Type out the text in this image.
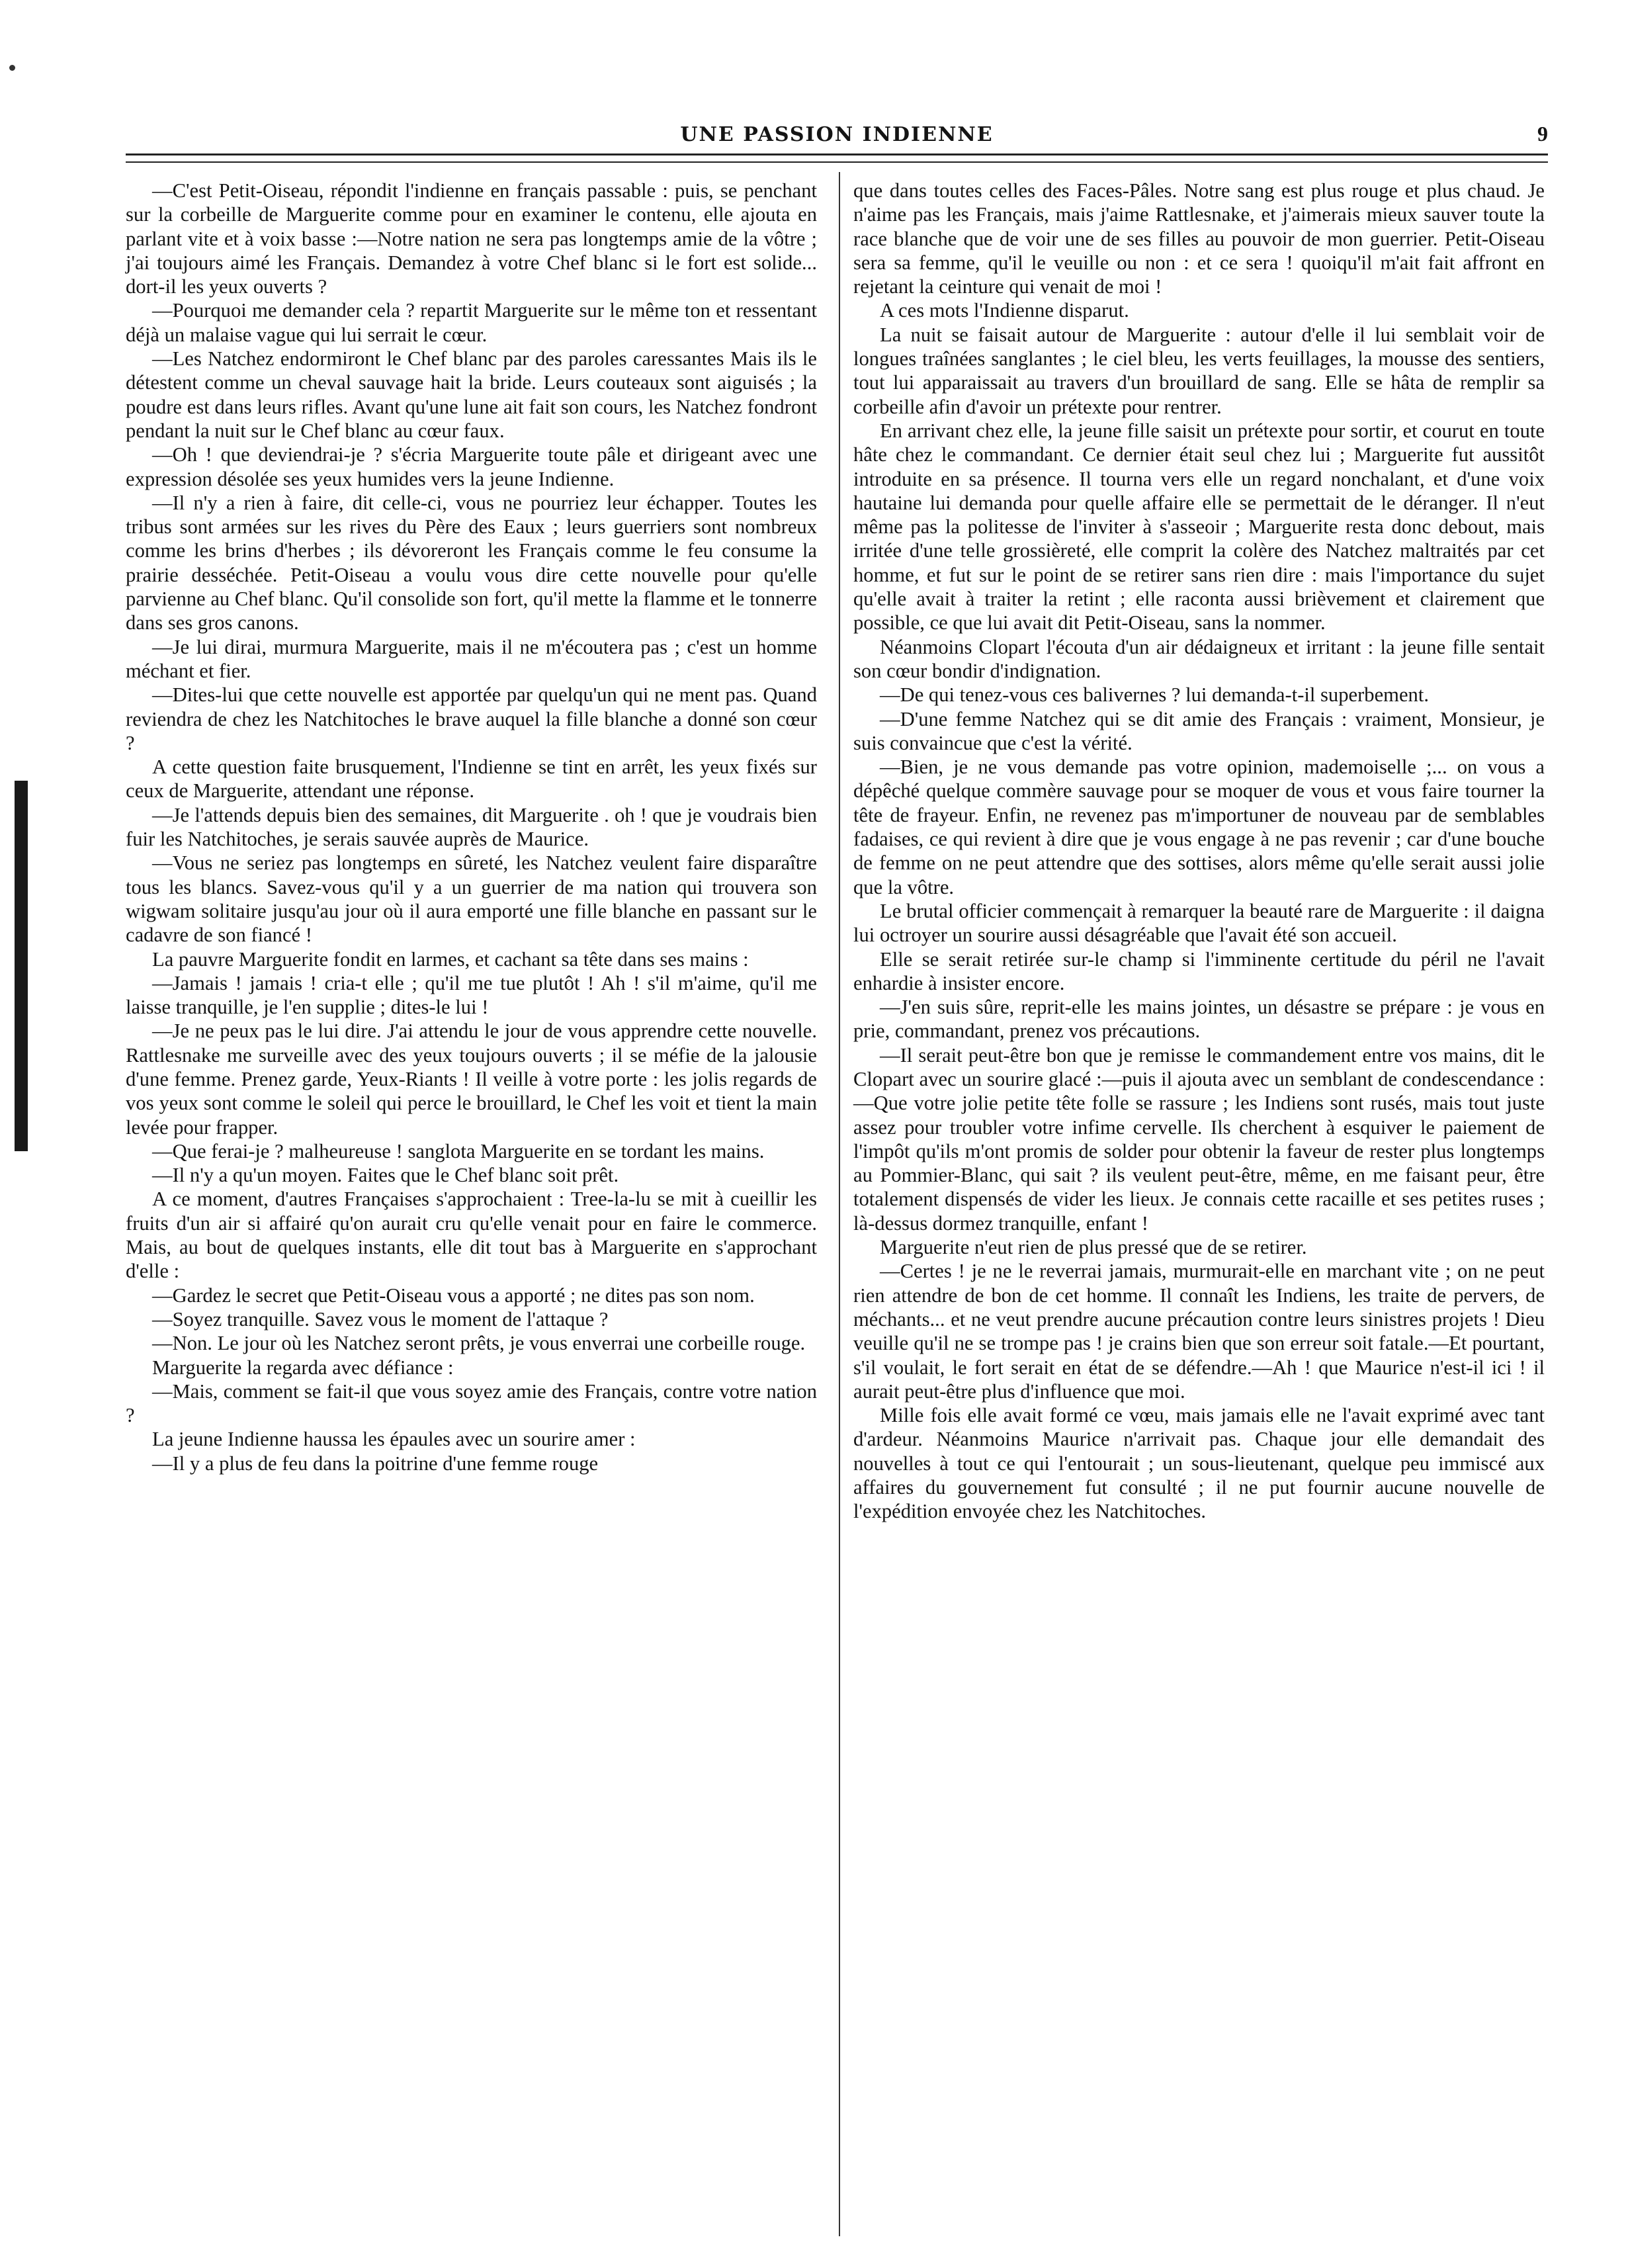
UNE PASSION INDIENNE	9

—C'est Petit-Oiseau, répondit l'indienne en français passable : puis, se penchant sur la corbeille de Marguerite comme pour en examiner le contenu, elle ajouta en parlant vite et à voix basse :—Notre nation ne sera pas longtemps amie de la vôtre ; j'ai toujours aimé les Français. Demandez à votre Chef blanc si le fort est solide... dort-il les yeux ouverts ?

—Pourquoi me demander cela ? repartit Marguerite sur le même ton et ressentant déjà un malaise vague qui lui serrait le cœur.

—Les Natchez endormiront le Chef blanc par des paroles caressantes Mais ils le détestent comme un cheval sauvage hait la bride. Leurs couteaux sont aiguisés ; la poudre est dans leurs rifles. Avant qu'une lune ait fait son cours, les Natchez fondront pendant la nuit sur le Chef blanc au cœur faux.

—Oh ! que deviendrai-je ? s'écria Marguerite toute pâle et dirigeant avec une expression désolée ses yeux humides vers la jeune Indienne.

—Il n'y a rien à faire, dit celle-ci, vous ne pourriez leur échapper. Toutes les tribus sont armées sur les rives du Père des Eaux ; leurs guerriers sont nombreux comme les brins d'herbes ; ils dévoreront les Français comme le feu consume la prairie desséchée. Petit-Oiseau a voulu vous dire cette nouvelle pour qu'elle parvienne au Chef blanc. Qu'il consolide son fort, qu'il mette la flamme et le tonnerre dans ses gros canons.

—Je lui dirai, murmura Marguerite, mais il ne m'écoutera pas ; c'est un homme méchant et fier.

—Dites-lui que cette nouvelle est apportée par quelqu'un qui ne ment pas. Quand reviendra de chez les Natchitoches le brave auquel la fille blanche a donné son cœur ?

A cette question faite brusquement, l'Indienne se tint en arrêt, les yeux fixés sur ceux de Marguerite, attendant une réponse.

—Je l'attends depuis bien des semaines, dit Marguerite . oh ! que je voudrais bien fuir les Natchitoches, je serais sauvée auprès de Maurice.

—Vous ne seriez pas longtemps en sûreté, les Natchez veulent faire disparaître tous les blancs. Savez-vous qu'il y a un guerrier de ma nation qui trouvera son wigwam solitaire jusqu'au jour où il aura emporté une fille blanche en passant sur le cadavre de son fiancé !

La pauvre Marguerite fondit en larmes, et cachant sa tête dans ses mains :

—Jamais ! jamais ! cria-t elle ; qu'il me tue plutôt ! Ah ! s'il m'aime, qu'il me laisse tranquille, je l'en supplie ; dites-le lui !

—Je ne peux pas le lui dire. J'ai attendu le jour de vous apprendre cette nouvelle. Rattlesnake me surveille avec des yeux toujours ouverts ; il se méfie de la jalousie d'une femme. Prenez garde, Yeux-Riants ! Il veille à votre porte : les jolis regards de vos yeux sont comme le soleil qui perce le brouillard, le Chef les voit et tient la main levée pour frapper.

—Que ferai-je ? malheureuse ! sanglota Marguerite en se tordant les mains.

—Il n'y a qu'un moyen. Faites que le Chef blanc soit prêt.

A ce moment, d'autres Françaises s'approchaient : Tree-la-lu se mit à cueillir les fruits d'un air si affairé qu'on aurait cru qu'elle venait pour en faire le commerce. Mais, au bout de quelques instants, elle dit tout bas à Marguerite en s'approchant d'elle :

—Gardez le secret que Petit-Oiseau vous a apporté ; ne dites pas son nom.

—Soyez tranquille. Savez vous le moment de l'attaque ?

—Non. Le jour où les Natchez seront prêts, je vous enverrai une corbeille rouge.

Marguerite la regarda avec défiance :

—Mais, comment se fait-il que vous soyez amie des Français, contre votre nation ?

La jeune Indienne haussa les épaules avec un sourire amer :

—Il y a plus de feu dans la poitrine d'une femme rouge

que dans toutes celles des Faces-Pâles. Notre sang est plus rouge et plus chaud. Je n'aime pas les Français, mais j'aime Rattlesnake, et j'aimerais mieux sauver toute la race blanche que de voir une de ses filles au pouvoir de mon guerrier. Petit-Oiseau sera sa femme, qu'il le veuille ou non : et ce sera ! quoiqu'il m'ait fait affront en rejetant la ceinture qui venait de moi !

A ces mots l'Indienne disparut.

La nuit se faisait autour de Marguerite : autour d'elle il lui semblait voir de longues traînées sanglantes ; le ciel bleu, les verts feuillages, la mousse des sentiers, tout lui apparaissait au travers d'un brouillard de sang. Elle se hâta de remplir sa corbeille afin d'avoir un prétexte pour rentrer.

En arrivant chez elle, la jeune fille saisit un prétexte pour sortir, et courut en toute hâte chez le commandant. Ce dernier était seul chez lui ; Marguerite fut aussitôt introduite en sa présence. Il tourna vers elle un regard nonchalant, et d'une voix hautaine lui demanda pour quelle affaire elle se permettait de le déranger. Il n'eut même pas la politesse de l'inviter à s'asseoir ; Marguerite resta donc debout, mais irritée d'une telle grossièreté, elle comprit la colère des Natchez maltraités par cet homme, et fut sur le point de se retirer sans rien dire : mais l'importance du sujet qu'elle avait à traiter la retint ; elle raconta aussi brièvement et clairement que possible, ce que lui avait dit Petit-Oiseau, sans la nommer.

Néanmoins Clopart l'écouta d'un air dédaigneux et irritant : la jeune fille sentait son cœur bondir d'indignation.

—De qui tenez-vous ces balivernes ? lui demanda-t-il superbement.

—D'une femme Natchez qui se dit amie des Français : vraiment, Monsieur, je suis convaincue que c'est la vérité.

—Bien, je ne vous demande pas votre opinion, mademoiselle ;... on vous a dépêché quelque commère sauvage pour se moquer de vous et vous faire tourner la tête de frayeur. Enfin, ne revenez pas m'importuner de nouveau par de semblables fadaises, ce qui revient à dire que je vous engage à ne pas revenir ; car d'une bouche de femme on ne peut attendre que des sottises, alors même qu'elle serait aussi jolie que la vôtre.

Le brutal officier commençait à remarquer la beauté rare de Marguerite : il daigna lui octroyer un sourire aussi désagréable que l'avait été son accueil.

Elle se serait retirée sur-le champ si l'imminente certitude du péril ne l'avait enhardie à insister encore.

—J'en suis sûre, reprit-elle les mains jointes, un désastre se prépare : je vous en prie, commandant, prenez vos précautions.

—Il serait peut-être bon que je remisse le commandement entre vos mains, dit le Clopart avec un sourire glacé :—puis il ajouta avec un semblant de condescendance :—Que votre jolie petite tête folle se rassure ; les Indiens sont rusés, mais tout juste assez pour troubler votre infime cervelle. Ils cherchent à esquiver le paiement de l'impôt qu'ils m'ont promis de solder pour obtenir la faveur de rester plus longtemps au Pommier-Blanc, qui sait ? ils veulent peut-être, même, en me faisant peur, être totalement dispensés de vider les lieux. Je connais cette racaille et ses petites ruses ; là-dessus dormez tranquille, enfant !

Marguerite n'eut rien de plus pressé que de se retirer.

—Certes ! je ne le reverrai jamais, murmurait-elle en marchant vite ; on ne peut rien attendre de bon de cet homme. Il connaît les Indiens, les traite de pervers, de méchants... et ne veut prendre aucune précaution contre leurs sinistres projets ! Dieu veuille qu'il ne se trompe pas ! je crains bien que son erreur soit fatale.—Et pourtant, s'il voulait, le fort serait en état de se défendre.—Ah ! que Maurice n'est-il ici ! il aurait peut-être plus d'influence que moi.

Mille fois elle avait formé ce vœu, mais jamais elle ne l'avait exprimé avec tant d'ardeur. Néanmoins Maurice n'arrivait pas. Chaque jour elle demandait des nouvelles à tout ce qui l'entourait ; un sous-lieutenant, quelque peu immiscé aux affaires du gouvernement fut consulté ; il ne put fournir aucune nouvelle de l'expédition envoyée chez les Natchitoches.
